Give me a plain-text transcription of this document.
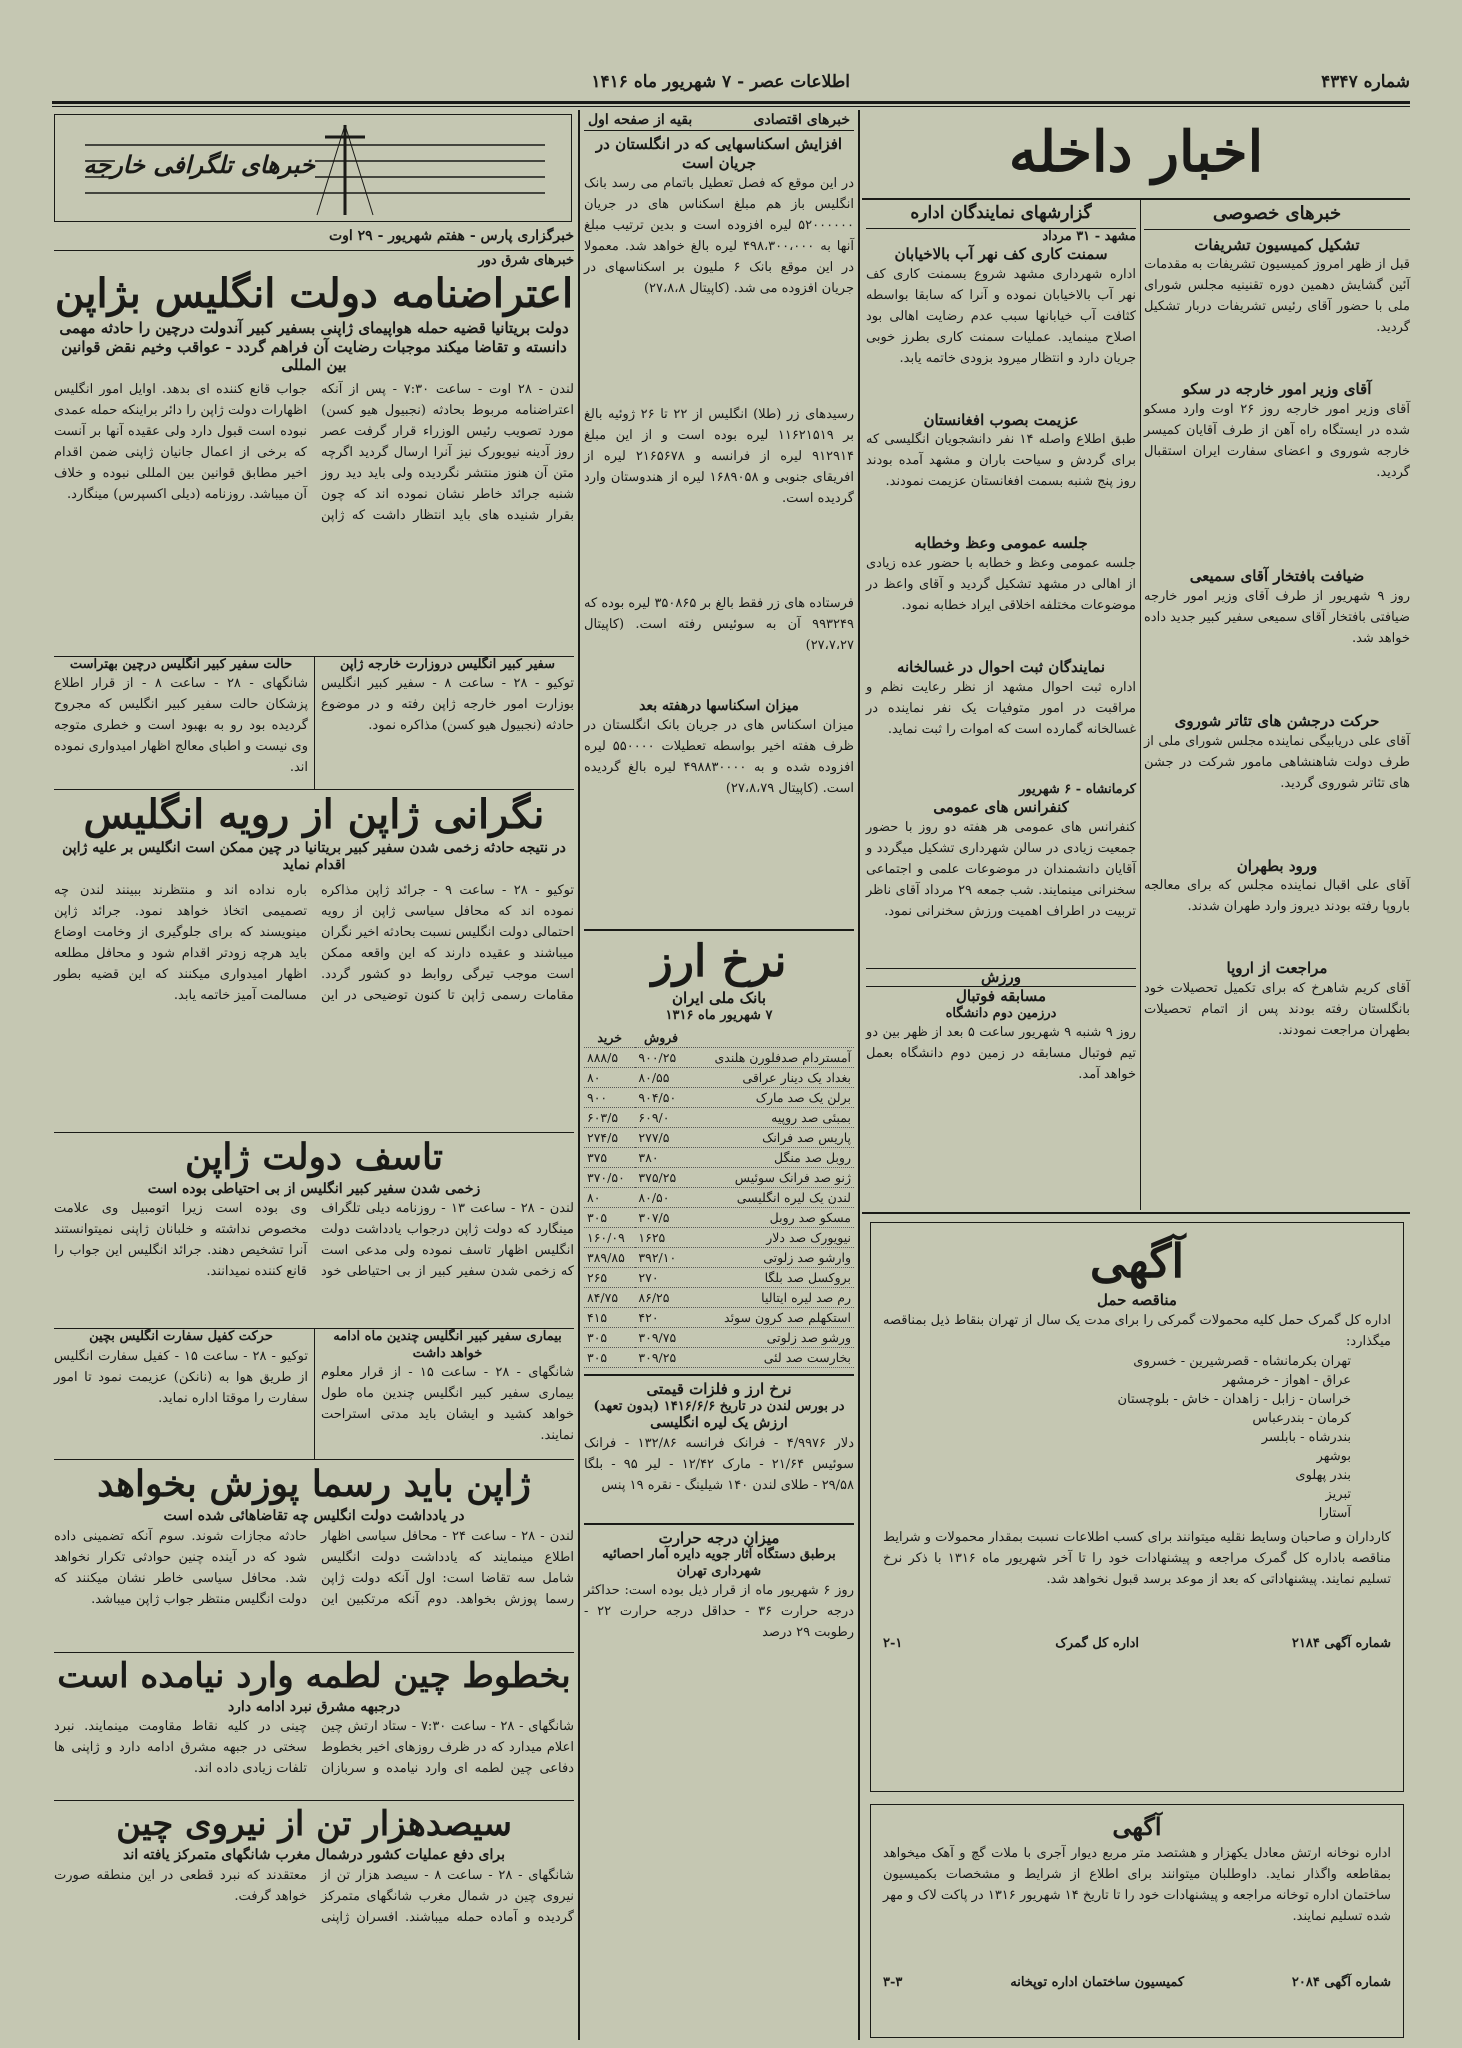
شماره ۴۳۴۷
اطلاعات عصر - ۷ شهریور ماه ۱۴۱۶
اخبار داخله
خبرهای خصوصی
تشکیل کمیسیون تشریفات
قبل از ظهر امروز کمیسیون تشریفات به مقدمات آئین گشایش دهمین دوره تقنینیه مجلس شورای ملی با حضور آقای رئیس تشریفات دربار تشکیل گردید.
آقای وزیر امور خارجه در سکو
آقای وزیر امور خارجه روز ۲۶ اوت وارد مسکو شده در ایستگاه راه آهن از طرف آقایان کمیسر خارجه شوروی و اعضای سفارت ایران استقبال گردید.
ضیافت بافتخار آقای سمیعی
روز ۹ شهریور از طرف آقای وزیر امور خارجه ضیافتی بافتخار آقای سمیعی سفیر کبیر جدید داده خواهد شد.
حرکت درجشن های تئاتر شوروی
آقای علی دریابیگی نماینده مجلس شورای ملی از طرف دولت شاهنشاهی مامور شرکت در جشن های تئاتر شوروی گردید.
ورود بطهران
آقای علی اقبال نماینده مجلس که برای معالجه باروپا رفته بودند دیروز وارد طهران شدند.
مراجعت از اروپا
آقای کریم شاهرخ که برای تکمیل تحصیلات خود بانگلستان رفته بودند پس از اتمام تحصیلات بطهران مراجعت نمودند.
گزارشهای نمایندگان اداره
مشهد - ۳۱ مرداد
سمنت کاری کف نهر آب بالاخیابان
اداره شهرداری مشهد شروع بسمنت کاری کف نهر آب بالاخیابان نموده و آنرا که سابقا بواسطه کثافت آب خیابانها سبب عدم رضایت اهالی بود اصلاح مینماید. عملیات سمنت کاری بطرز خوبی جریان دارد و انتظار میرود بزودی خاتمه یابد.
عزیمت بصوب افغانستان
طبق اطلاع واصله ۱۴ نفر دانشجویان انگلیسی که برای گردش و سیاحت باران و مشهد آمده بودند روز پنج شنبه بسمت افغانستان عزیمت نمودند.
جلسه عمومی وعظ وخطابه
جلسه عمومی وعظ و خطابه با حضور عده زیادی از اهالی در مشهد تشکیل گردید و آقای واعظ در موضوعات مختلفه اخلاقی ایراد خطابه نمود.
نمایندگان ثبت احوال در غسالخانه
اداره ثبت احوال مشهد از نظر رعایت نظم و مراقبت در امور متوفیات یک نفر نماینده در غسالخانه گمارده است که اموات را ثبت نماید.
کرمانشاه - ۶ شهریور
کنفرانس های عمومی
کنفرانس های عمومی هر هفته دو روز با حضور جمعیت زیادی در سالن شهرداری تشکیل میگردد و آقایان دانشمندان در موضوعات علمی و اجتماعی سخنرانی مینمایند. شب جمعه ۲۹ مرداد آقای ناظر تربیت در اطراف اهمیت ورزش سخنرانی نمود.
ورزش
مسابقه فوتبال
درزمین دوم دانشگاه
روز ۹ شنبه ۹ شهریور ساعت ۵ بعد از ظهر بین دو تیم فوتبال مسابقه در زمین دوم دانشگاه بعمل خواهد آمد.
آگهی
مناقصه حمل
اداره کل گمرک حمل کلیه محمولات گمرکی را برای مدت یک سال از تهران بنقاط ذیل بمناقصه میگذارد:
تهران بکرمانشاه - قصرشیرین - خسروی
عراق - اهواز - خرمشهر
خراسان - زابل - زاهدان - خاش - بلوچستان
کرمان - بندرعباس
بندرشاه - بابلسر
بوشهر
بندر پهلوی
تبریز
آستارا
کارداران و صاحبان وسایط نقلیه میتوانند برای کسب اطلاعات نسبت بمقدار محمولات و شرایط مناقصه باداره کل گمرک مراجعه و پیشنهادات خود را تا آخر شهریور ماه ۱۳۱۶ با ذکر نرخ تسلیم نمایند. پیشنهاداتی که بعد از موعد برسد قبول نخواهد شد.
شماره آگهی ۲۱۸۴
اداره کل گمرک
۲-۱
آگهی
اداره نوخانه ارتش معادل یکهزار و هشتصد متر مربع دیوار آجری با ملات گچ و آهک میخواهد بمقاطعه واگذار نماید. داوطلبان میتوانند برای اطلاع از شرایط و مشخصات بکمیسیون ساختمان اداره توخانه مراجعه و پیشنهادات خود را تا تاریخ ۱۴ شهریور ۱۳۱۶ در پاکت لاک و مهر شده تسلیم نمایند.
شماره آگهی ۲۰۸۴
کمیسیون ساختمان اداره توپخانه
۳-۳
خبرهای اقتصادی
بقیه از صفحه اول
افزایش اسکناسهایی که در انگلستان در جریان است
در این موقع که فصل تعطیل باتمام می رسد بانک انگلیس باز هم مبلغ اسکناس های در جریان ۵۲۰۰۰۰۰۰ لیره افزوده است و بدین ترتیب مبلغ آنها به ۴۹۸،۳۰۰،۰۰۰ لیره بالغ خواهد شد. معمولا در این موقع بانک ۶ ملیون بر اسکناسهای در جریان افزوده می شد. (کاپیتال ۲۷،۸،۸)
رسیدهای زر (طلا) انگلیس از ۲۲ تا ۲۶ ژوئیه بالغ بر ۱۱۶۲۱۵۱۹ لیره بوده است و از این مبلغ ۹۱۲۹۱۴ لیره از فرانسه و ۲۱۶۵۶۷۸ لیره از افریقای جنوبی و ۱۶۸۹۰۵۸ لیره از هندوستان وارد گردیده است.
فرستاده های زر فقط بالغ بر ۳۵۰۸۶۵ لیره بوده که ۹۹۳۲۴۹ آن به سوئیس رفته است. (کاپیتال ۲۷،۷،۲۷)
میزان اسکناسها درهفته بعد
میزان اسکناس های در جریان بانک انگلستان در ظرف هفته اخیر بواسطه تعطیلات ۵۵۰۰۰۰ لیره افزوده شده و به ۴۹۸۸۳۰۰۰۰ لیره بالغ گردیده است. (کاپیتال ۲۷،۸،۷۹)
نرخ ارز
بانک ملی ایران
۷ شهریور ماه ۱۳۱۶
	فروش	خرید
آمستردام صدفلورن هلندی	۹۰۰/۲۵	۸۸۸/۵
بغداد یک دینار عراقی	۸۰/۵۵	۸۰
برلن یک صد مارک	۹۰۴/۵۰	۹۰۰
بمبئی صد روپیه	۶۰۹/۰	۶۰۳/۵
پاریس صد فرانک	۲۷۷/۵	۲۷۴/۵
روبل صد منگل	۳۸۰	۳۷۵
ژنو صد فرانک سوئیس	۳۷۵/۲۵	۳۷۰/۵۰
لندن یک لیره انگلیسی	۸۰/۵۰	۸۰
مسکو صد روبل	۳۰۷/۵	۳۰۵
نیویورک صد دلار	۱۶۲۵	۱۶۰/۰۹
وارشو صد زلوتی	۳۹۲/۱۰	۳۸۹/۸۵
بروکسل صد بلگا	۲۷۰	۲۶۵
رم صد لیره ایتالیا	۸۶/۲۵	۸۴/۷۵
استکهلم صد کرون سوئد	۴۲۰	۴۱۵
ورشو صد زلوتی	۳۰۹/۷۵	۳۰۵
بخارست صد لئی	۳۰۹/۲۵	۳۰۵
نرخ ارز و فلزات قیمتی
در بورس لندن در تاریخ ۱۴۱۶/۶/۶ (بدون تعهد)
ارزش یک لیره انگلیسی
دلار ۴/۹۹۷۶ - فرانک فرانسه ۱۳۲/۸۶ - فرانک سوئیس ۲۱/۶۴ - مارک ۱۲/۴۲ - لیر ۹۵ - بلگا ۲۹/۵۸ - طلای لندن ۱۴۰ شیلینگ - نقره ۱۹ پنس
میزان درجه حرارت
برطبق دستگاه آثار جویه دایره آمار احصائیه شهرداری تهران
روز ۶ شهریور ماه از قرار ذیل بوده است: حداکثر درجه حرارت ۳۶ - حداقل درجه حرارت ۲۲ - رطوبت ۲۹ درصد
خبرهای تلگرافی خارجه
خبرگزاری پارس - هفتم شهریور - ۲۹ اوت
خبرهای شرق دور
اعتراضنامه دولت انگلیس بژاپن
دولت بریتانیا قضیه حمله هواپیمای ژاپنی بسفیر کبیر آندولت درچین را حادثه مهمی دانسته و تقاضا میکند موجبات رضایت آن فراهم گردد - عواقب وخیم نقض قوانین بین المللی
لندن - ۲۸ اوت - ساعت ۷:۳۰ - پس از آنکه اعتراضنامه مربوط بحادثه (نجبیول هیو کسن) مورد تصویب رئیس الوزراء قرار گرفت عصر روز آدینه نیویورک نیز آنرا ارسال گردید اگرچه متن آن هنوز منتشر نگردیده ولی باید دید روز شنبه جرائد خاطر نشان نموده اند که چون بقرار شنیده های باید انتظار داشت که ژاپن جواب قانع کننده ای بدهد. اوایل امور انگلیس اظهارات دولت ژاپن را دائر براینکه حمله عمدی نبوده است قبول دارد ولی عقیده آنها بر آنست که برخی از اعمال جانیان ژاپنی ضمن اقدام اخیر مطابق قوانین بین المللی نبوده و خلاف آن میباشد. روزنامه (دیلی اکسپرس) مینگارد.
سفیر کبیر انگلیس دروزارت خارجه ژاپن
توکیو - ۲۸ - ساعت ۸ - سفیر کبیر انگلیس بوزارت امور خارجه ژاپن رفته و در موضوع حادثه (نجبیول هیو کسن) مذاکره نمود.
حالت سفیر کبیر انگلیس درچین بهتراست
شانگهای - ۲۸ - ساعت ۸ - از قرار اطلاع پزشکان حالت سفیر کبیر انگلیس که مجروح گردیده بود رو به بهبود است و خطری متوجه وی نیست و اطبای معالج اظهار امیدواری نموده اند.
نگرانی ژاپن از رویه انگلیس
در نتیجه حادثه زخمی شدن سفیر کبیر بریتانیا در چین ممکن است انگلیس بر علیه ژاپن اقدام نماید
توکیو - ۲۸ - ساعت ۹ - جرائد ژاپن مذاکره نموده اند که محافل سیاسی ژاپن از رویه احتمالی دولت انگلیس نسبت بحادثه اخیر نگران میباشند و عقیده دارند که این واقعه ممکن است موجب تیرگی روابط دو کشور گردد. مقامات رسمی ژاپن تا کنون توضیحی در این باره نداده اند و منتظرند ببینند لندن چه تصمیمی اتخاذ خواهد نمود. جرائد ژاپن مینویسند که برای جلوگیری از وخامت اوضاع باید هرچه زودتر اقدام شود و محافل مطلعه اظهار امیدواری میکنند که این قضیه بطور مسالمت آمیز خاتمه یابد.
تاسف دولت ژاپن
زخمی شدن سفیر کبیر انگلیس از بی احتیاطی بوده است
لندن - ۲۸ - ساعت ۱۳ - روزنامه دیلی تلگراف مینگارد که دولت ژاپن درجواب یادداشت دولت انگلیس اظهار تاسف نموده ولی مدعی است که زخمی شدن سفیر کبیر از بی احتیاطی خود وی بوده است زیرا اتومبیل وی علامت مخصوص نداشته و خلبانان ژاپنی نمیتوانستند آنرا تشخیص دهند. جرائد انگلیس این جواب را قانع کننده نمیدانند.
بیماری سفیر کبیر انگلیس چندین ماه ادامه خواهد داشت
شانگهای - ۲۸ - ساعت ۱۵ - از قرار معلوم بیماری سفیر کبیر انگلیس چندین ماه طول خواهد کشید و ایشان باید مدتی استراحت نمایند.
حرکت کفیل سفارت انگلیس بچین
توکیو - ۲۸ - ساعت ۱۵ - کفیل سفارت انگلیس از طریق هوا به (نانکن) عزیمت نمود تا امور سفارت را موقتا اداره نماید.
ژاپن باید رسما پوزش بخواهد
در یادداشت دولت انگلیس چه تقاضاهائی شده است
لندن - ۲۸ - ساعت ۲۴ - محافل سیاسی اظهار اطلاع مینمایند که یادداشت دولت انگلیس شامل سه تقاضا است: اول آنکه دولت ژاپن رسما پوزش بخواهد. دوم آنکه مرتکبین این حادثه مجازات شوند. سوم آنکه تضمینی داده شود که در آینده چنین حوادثی تکرار نخواهد شد. محافل سیاسی خاطر نشان میکنند که دولت انگلیس منتظر جواب ژاپن میباشد.
بخطوط چین لطمه وارد نیامده است
درجبهه مشرق نبرد ادامه دارد
شانگهای - ۲۸ - ساعت ۷:۳۰ - ستاد ارتش چین اعلام میدارد که در ظرف روزهای اخیر بخطوط دفاعی چین لطمه ای وارد نیامده و سربازان چینی در کلیه نقاط مقاومت مینمایند. نبرد سختی در جبهه مشرق ادامه دارد و ژاپنی ها تلفات زیادی داده اند.
سیصدهزار تن از نیروی چین
برای دفع عملیات کشور درشمال مغرب شانگهای متمرکز یافته اند
شانگهای - ۲۸ - ساعت ۸ - سیصد هزار تن از نیروی چین در شمال مغرب شانگهای متمرکز گردیده و آماده حمله میباشند. افسران ژاپنی معتقدند که نبرد قطعی در این منطقه صورت خواهد گرفت.
